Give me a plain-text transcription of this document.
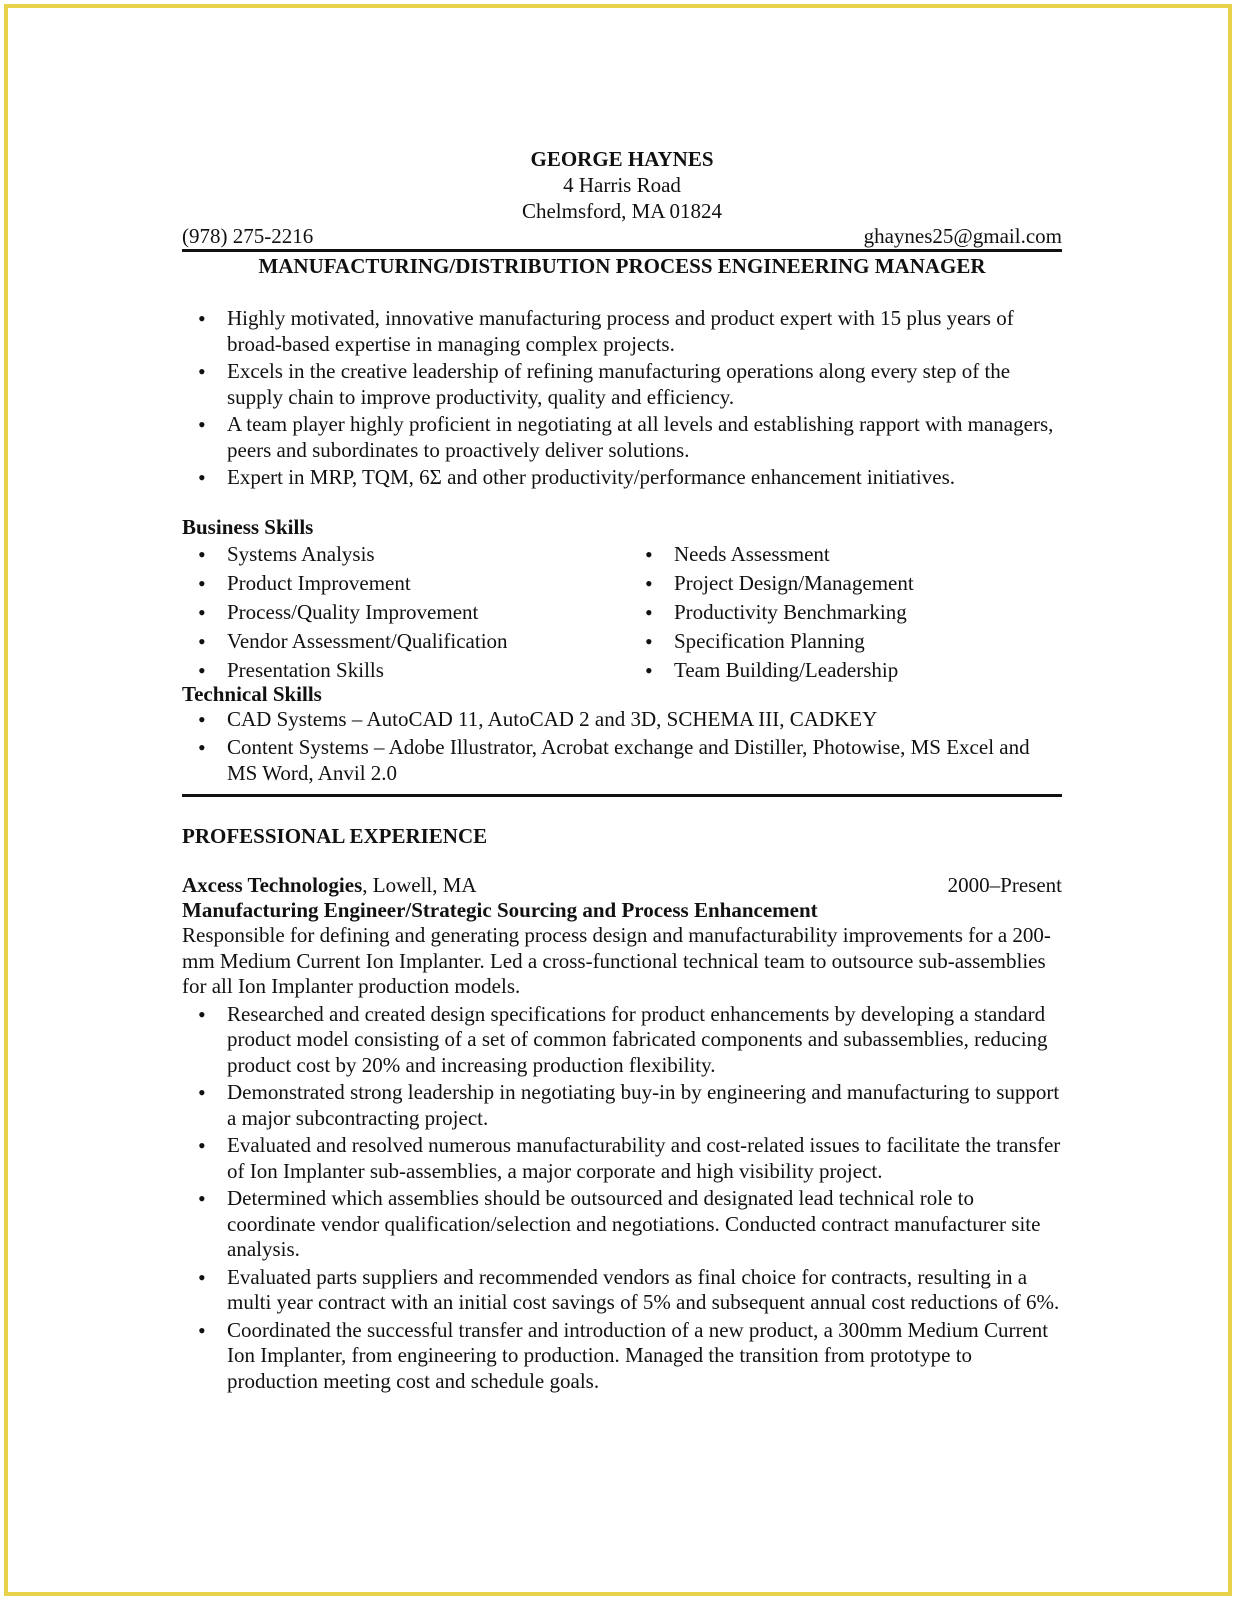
GEORGE HAYNES
4 Harris Road
Chelmsford, MA 01824
(978) 275-2216	ghaynes25@gmail.com
MANUFACTURING/DISTRIBUTION PROCESS ENGINEERING MANAGER
• Highly motivated, innovative manufacturing process and product expert with 15 plus years of broad-based expertise in managing complex projects.
• Excels in the creative leadership of refining manufacturing operations along every step of the supply chain to improve productivity, quality and efficiency.
• A team player highly proficient in negotiating at all levels and establishing rapport with managers, peers and subordinates to proactively deliver solutions.
• Expert in MRP, TQM, 6Σ and other productivity/performance enhancement initiatives.
Business Skills
• Systems Analysis
• Product Improvement
• Process/Quality Improvement
• Vendor Assessment/Qualification
• Presentation Skills
• Needs Assessment
• Project Design/Management
• Productivity Benchmarking
• Specification Planning
• Team Building/Leadership
Technical Skills
• CAD Systems – AutoCAD 11, AutoCAD 2 and 3D, SCHEMA III, CADKEY
• Content Systems – Adobe Illustrator, Acrobat exchange and Distiller, Photowise, MS Excel and MS Word, Anvil 2.0
PROFESSIONAL EXPERIENCE
Axcess Technologies, Lowell, MA	2000–Present
Manufacturing Engineer/Strategic Sourcing and Process Enhancement
Responsible for defining and generating process design and manufacturability improvements for a 200-mm Medium Current Ion Implanter. Led a cross-functional technical team to outsource sub-assemblies for all Ion Implanter production models.
• Researched and created design specifications for product enhancements by developing a standard product model consisting of a set of common fabricated components and subassemblies, reducing product cost by 20% and increasing production flexibility.
• Demonstrated strong leadership in negotiating buy-in by engineering and manufacturing to support a major subcontracting project.
• Evaluated and resolved numerous manufacturability and cost-related issues to facilitate the transfer of Ion Implanter sub-assemblies, a major corporate and high visibility project.
• Determined which assemblies should be outsourced and designated lead technical role to coordinate vendor qualification/selection and negotiations. Conducted contract manufacturer site analysis.
• Evaluated parts suppliers and recommended vendors as final choice for contracts, resulting in a multi year contract with an initial cost savings of 5% and subsequent annual cost reductions of 6%.
• Coordinated the successful transfer and introduction of a new product, a 300mm Medium Current Ion Implanter, from engineering to production. Managed the transition from prototype to production meeting cost and schedule goals.
